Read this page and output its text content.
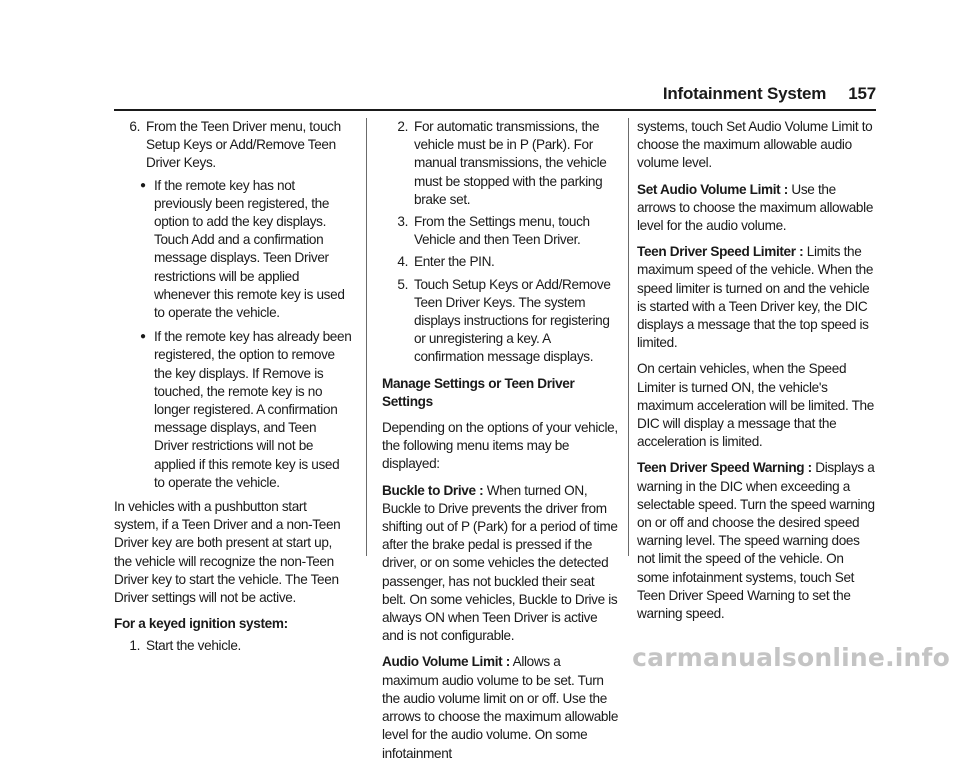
Infotainment System 157
6. From the Teen Driver menu, touch Setup Keys or Add/Remove Teen Driver Keys.
● If the remote key has not previously been registered, the option to add the key displays. Touch Add and a confirmation message displays. Teen Driver restrictions will be applied whenever this remote key is used to operate the vehicle.
● If the remote key has already been registered, the option to remove the key displays. If Remove is touched, the remote key is no longer registered. A confirmation message displays, and Teen Driver restrictions will not be applied if this remote key is used to operate the vehicle.

In vehicles with a pushbutton start system, if a Teen Driver and a non-Teen Driver key are both present at start up, the vehicle will recognize the non-Teen Driver key to start the vehicle. The Teen Driver settings will not be active.

For a keyed ignition system:

1. Start the vehicle.
2. For automatic transmissions, the vehicle must be in P (Park). For manual transmissions, the vehicle must be stopped with the parking brake set.
3. From the Settings menu, touch Vehicle and then Teen Driver.
4. Enter the PIN.
5. Touch Setup Keys or Add/Remove Teen Driver Keys. The system displays instructions for registering or unregistering a key. A confirmation message displays.

Manage Settings or Teen Driver Settings

Depending on the options of your vehicle, the following menu items may be displayed:

Buckle to Drive : When turned ON, Buckle to Drive prevents the driver from shifting out of P (Park) for a period of time after the brake pedal is pressed if the driver, or on some vehicles the detected passenger, has not buckled their seat belt. On some vehicles, Buckle to Drive is always ON when Teen Driver is active and is not configurable.

Audio Volume Limit : Allows a maximum audio volume to be set. Turn the audio volume limit on or off. Use the arrows to choose the maximum allowable level for the audio volume. On some infotainment

systems, touch Set Audio Volume Limit to choose the maximum allowable audio volume level.

Set Audio Volume Limit : Use the arrows to choose the maximum allowable level for the audio volume.

Teen Driver Speed Limiter : Limits the maximum speed of the vehicle. When the speed limiter is turned on and the vehicle is started with a Teen Driver key, the DIC displays a message that the top speed is limited.

On certain vehicles, when the Speed Limiter is turned ON, the vehicle's maximum acceleration will be limited. The DIC will display a message that the acceleration is limited.

Teen Driver Speed Warning : Displays a warning in the DIC when exceeding a selectable speed. Turn the speed warning on or off and choose the desired speed warning level. The speed warning does not limit the speed of the vehicle. On some infotainment systems, touch Set Teen Driver Speed Warning to set the warning speed.

carmanualsonline.info
